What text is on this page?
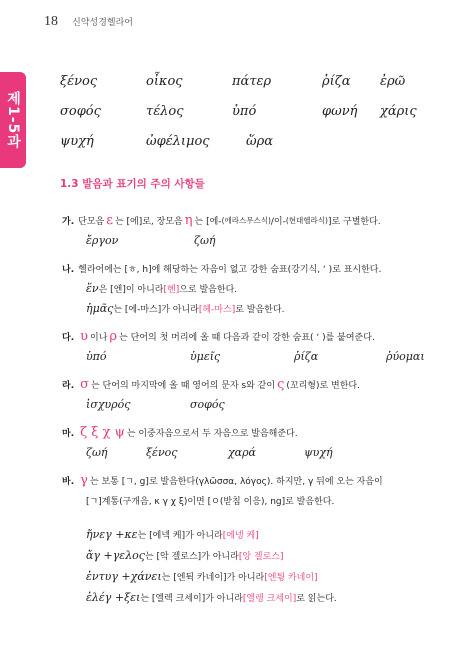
18 신약성경헬라어
제1-5과
ξένος	οἶκος	πάτερ	ῥίζα	ἐρῶ
σοφός	τέλος	ὑπό	φωνή	χάρις
ψυχή	ὠφέλιμος	ὥρα
1.3 발음과 표기의 주의 사항들
가. 단모음 ε 는 [에]로, 장모음 η 는 [에- (에라스무스식) /이- (현대헬라식) ]로 구별한다.
ἔργον	ζωή
나. 헬라어에는 [ㅎ, h]에 해당하는 자음이 없고 강한 숨표(강기식, ‘ )로 표시한다.
ἕν 은 [엔]이 아니라 [헨] 으로 발음한다.
ἡμᾶς 는 [에-마스]가 아니라 [헤-마스] 로 발음한다.
다. υ 이나 ρ 는 단어의 첫 머리에 올 때 다음과 같이 강한 숨표( ‘ )를 붙여준다.
ὑπό	ὑμεῖς	ῥίζα	ῥύομαι
라. σ 는 단어의 마지막에 올 때 영어의 문자 s와 같이 ς (꼬리형)로 변한다.
ἰσχυρός	σοφός
마. ζ ξ χ ψ 는 이중자음으로서 두 자음으로 발음해준다.
ζωή	ξένος	χαρά	ψυχή
바. γ 는 보통 [ㄱ, g]로 발음한다(γλῶσσα, λόγος). 하지만, γ 뒤에 오는 자음이
[ㄱ]계통(구개음, κ γ χ ξ)이면 [ㅇ(받침 이응), ng]로 발음한다.
ἤνεγ +κε 는 [에넥 케]가 아니라 [에넹 케]
ἄγ +γελος 는 [악 겔로스]가 아니라 [앙 겔로스]
ἐντυγ +χάνει 는 [엔뒥 카네이]가 아니라 [엔튕 카네이]
ἐλέγ +ξει 는 [엘렉 크세이]가 아니라 [엘렝 크세이] 로 읽는다.
